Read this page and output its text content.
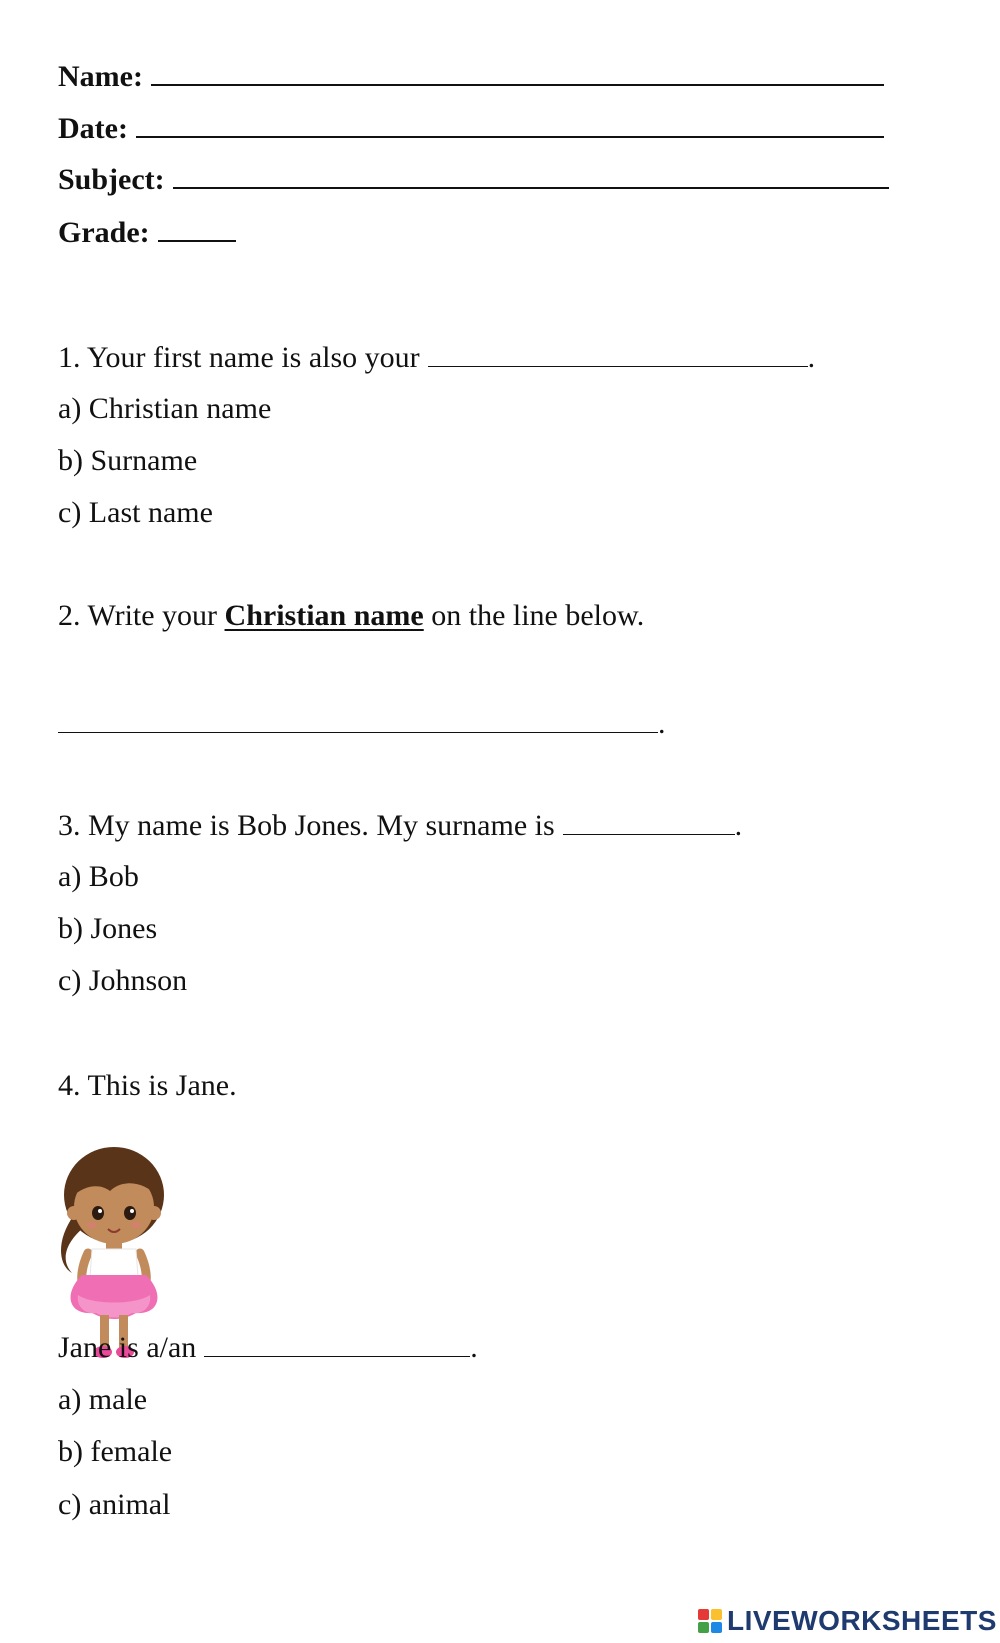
Name:
Date:
Subject:
Grade:
1. Your first name is also your	.
a) Christian name
b) Surname
c) Last name
2. Write your Christian name on the line below.
.
3. My name is Bob Jones. My surname is	.
a) Bob
b) Jones
c) Johnson
4. This is Jane.
Jane is a/an	.
a) male
b) female
c) animal
LIVEWORKSHEETS
